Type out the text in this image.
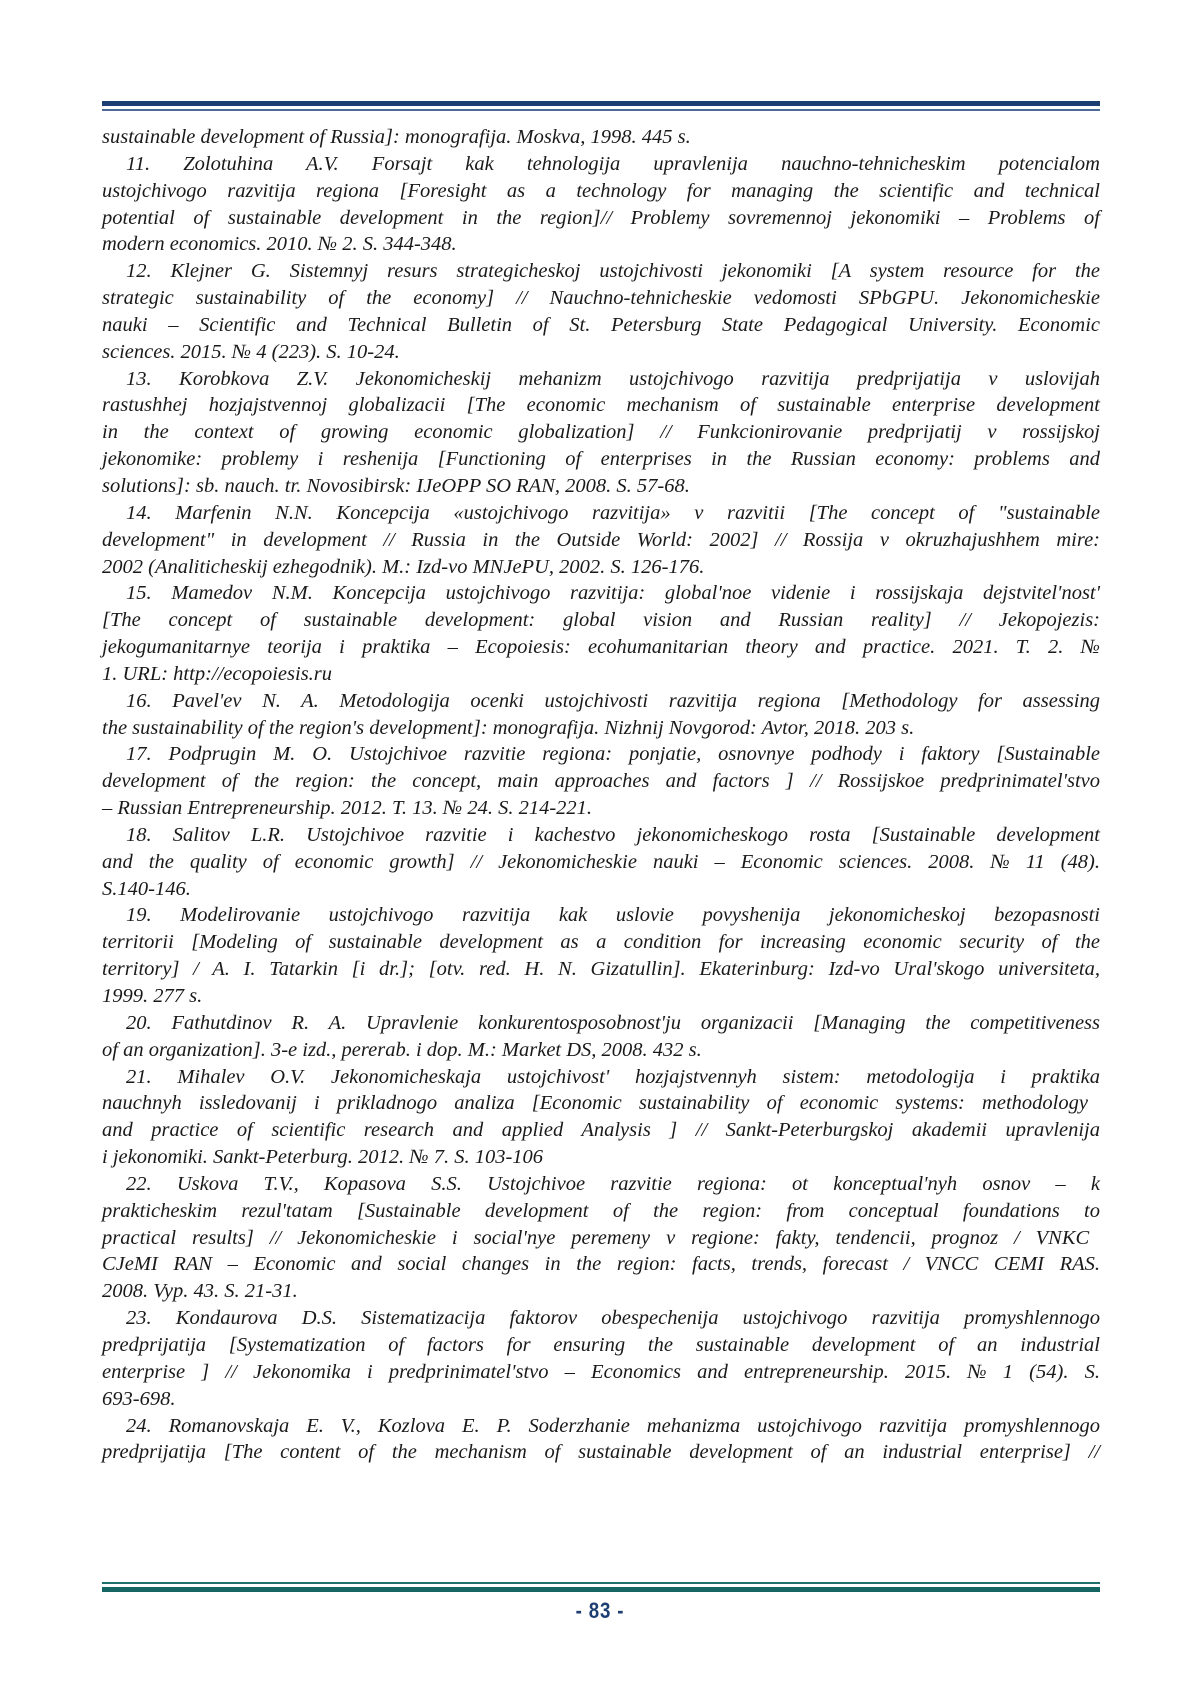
sustainable development of Russia]: monografija. Moskva, 1998. 445 s.
11. Zolotuhina A.V. Forsajt kak tehnologija upravlenija nauchno-tehnicheskim potencialom
ustojchivogo razvitija regiona [Foresight as a technology for managing the scientific and technical
potential of sustainable development in the region]// Problemy sovremennoj jekonomiki – Problems of
modern economics. 2010. № 2. S. 344-348.
12. Klejner G. Sistemnyj resurs strategicheskoj ustojchivosti jekonomiki [A system resource for the
strategic sustainability of the economy] // Nauchno-tehnicheskie vedomosti SPbGPU. Jekonomicheskie
nauki – Scientific and Technical Bulletin of St. Petersburg State Pedagogical University. Economic
sciences. 2015. № 4 (223). S. 10-24.
13. Korobkova Z.V. Jekonomicheskij mehanizm ustojchivogo razvitija predprijatija v uslovijah
rastushhej hozjajstvennoj globalizacii [The economic mechanism of sustainable enterprise development
in the context of growing economic globalization] // Funkcionirovanie predprijatij v rossijskoj
jekonomike: problemy i reshenija [Functioning of enterprises in the Russian economy: problems and
solutions]: sb. nauch. tr. Novosibirsk: IJeOPP SO RAN, 2008. S. 57-68.
14. Marfenin N.N. Koncepcija «ustojchivogo razvitija» v razvitii [The concept of "sustainable
development" in development // Russia in the Outside World: 2002] // Rossija v okruzhajushhem mire:
2002 (Analiticheskij ezhegodnik). M.: Izd-vo MNJePU, 2002. S. 126-176.
15. Mamedov N.M. Koncepcija ustojchivogo razvitija: global'noe videnie i rossijskaja dejstvitel'nost'
[The concept of sustainable development: global vision and Russian reality] // Jekopojezis:
jekogumanitarnye teorija i praktika – Ecopoiesis: ecohumanitarian theory and practice. 2021. T. 2. №
1. URL: http://ecopoiesis.ru
16. Pavel'ev N. A. Metodologija ocenki ustojchivosti razvitija regiona [Methodology for assessing
the sustainability of the region's development]: monografija. Nizhnij Novgorod: Avtor, 2018. 203 s.
17. Podprugin M. O. Ustojchivoe razvitie regiona: ponjatie, osnovnye podhody i faktory [Sustainable
development of the region: the concept, main approaches and factors ] // Rossijskoe predprinimatel'stvo
– Russian Entrepreneurship. 2012. T. 13. № 24. S. 214-221.
18. Salitov L.R. Ustojchivoe razvitie i kachestvo jekonomicheskogo rosta [Sustainable development
and the quality of economic growth] // Jekonomicheskie nauki – Economic sciences. 2008. № 11 (48).
S.140-146.
19. Modelirovanie ustojchivogo razvitija kak uslovie povyshenija jekonomicheskoj bezopasnosti
territorii [Modeling of sustainable development as a condition for increasing economic security of the
territory] / A. I. Tatarkin [i dr.]; [otv. red. H. N. Gizatullin]. Ekaterinburg: Izd-vo Ural'skogo universiteta,
1999. 277 s.
20. Fathutdinov R. A. Upravlenie konkurentosposobnost'ju organizacii [Managing the competitiveness
of an organization]. 3-e izd., pererab. i dop. M.: Market DS, 2008. 432 s.
21. Mihalev O.V. Jekonomicheskaja ustojchivost' hozjajstvennyh sistem: metodologija i praktika
nauchnyh issledovanij i prikladnogo analiza [Economic sustainability of economic systems: methodology
and practice of scientific research and applied Analysis ] // Sankt-Peterburgskoj akademii upravlenija
i jekonomiki. Sankt-Peterburg. 2012. № 7. S. 103-106
22. Uskova T.V., Kopasova S.S. Ustojchivoe razvitie regiona: ot konceptual'nyh osnov – k
prakticheskim rezul'tatam [Sustainable development of the region: from conceptual foundations to
practical results] // Jekonomicheskie i social'nye peremeny v regione: fakty, tendencii, prognoz / VNKC
CJeMI RAN – Economic and social changes in the region: facts, trends, forecast / VNCC CEMI RAS.
2008. Vyp. 43. S. 21-31.
23. Kondaurova D.S. Sistematizacija faktorov obespechenija ustojchivogo razvitija promyshlennogo
predprijatija [Systematization of factors for ensuring the sustainable development of an industrial
enterprise ] // Jekonomika i predprinimatel'stvo – Economics and entrepreneurship. 2015. № 1 (54). S.
693-698.
24. Romanovskaja E. V., Kozlova E. P. Soderzhanie mehanizma ustojchivogo razvitija promyshlennogo
predprijatija [The content of the mechanism of sustainable development of an industrial enterprise] //
- 83 -
